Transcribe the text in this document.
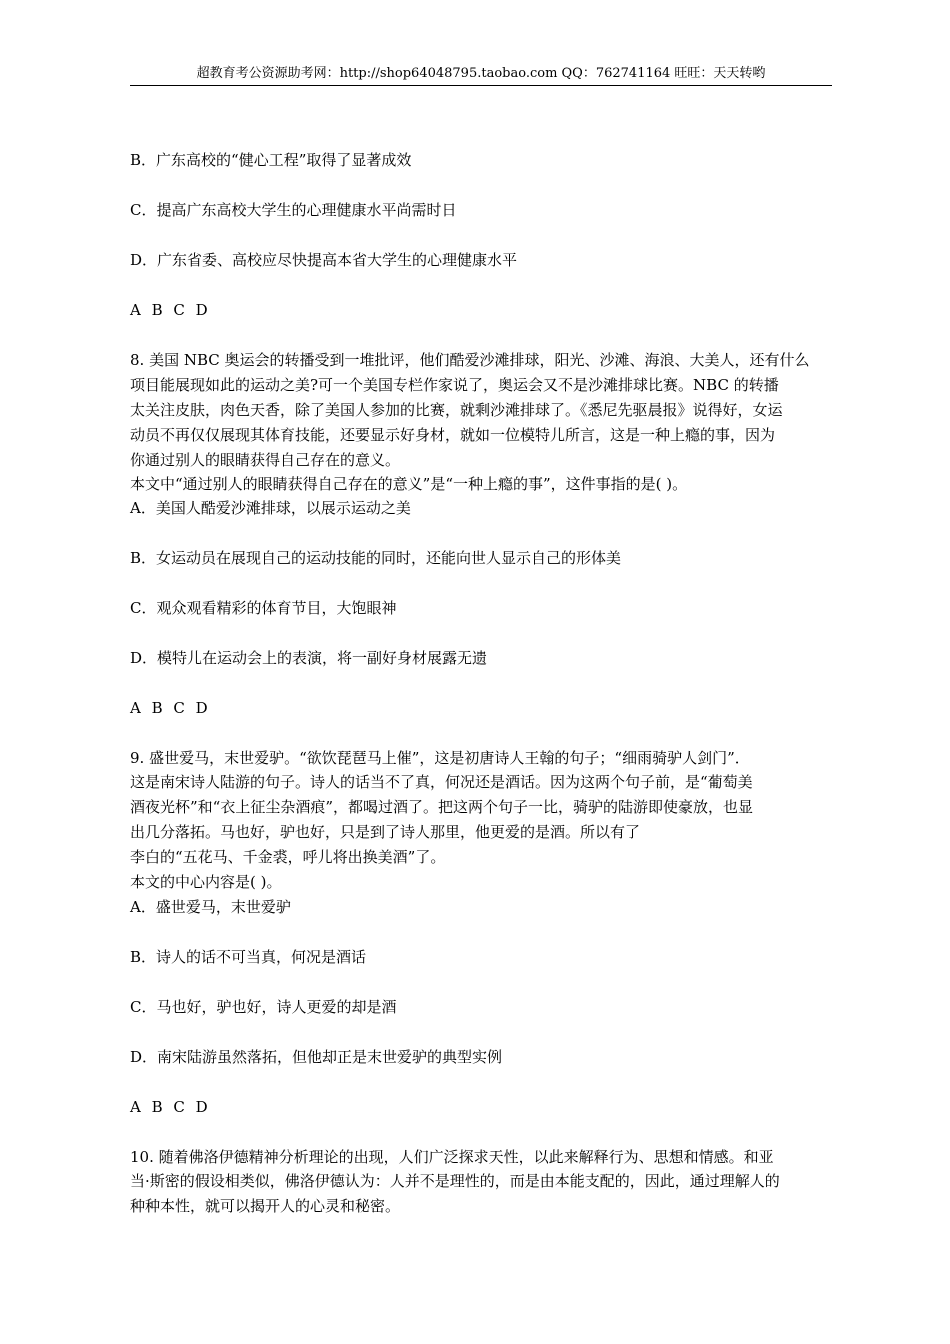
超教育考公资源助考网：http://shop64048795.taobao.com QQ：762741164 旺旺：天天转哟
B．广东高校的“健心工程”取得了显著成效
C．提高广东高校大学生的心理健康水平尚需时日
D．广东省委、高校应尽快提高本省大学生的心理健康水平
A B C D
8. 美国 NBC 奥运会的转播受到一堆批评，他们酷爱沙滩排球，阳光、沙滩、海浪、大美人，还有什么
项目能展现如此的运动之美?可一个美国专栏作家说了，奥运会又不是沙滩排球比赛。NBC 的转播
太关注皮肤，肉色天香，除了美国人参加的比赛，就剩沙滩排球了。《悉尼先驱晨报》说得好，女运
动员不再仅仅展现其体育技能，还要显示好身材，就如一位模特儿所言，这是一种上瘾的事，因为
你通过别人的眼睛获得自己存在的意义。
本文中“通过别人的眼睛获得自己存在的意义”是“一种上瘾的事”，这件事指的是( )。
A．美国人酷爱沙滩排球，以展示运动之美
B．女运动员在展现自己的运动技能的同时，还能向世人显示自己的形体美
C．观众观看精彩的体育节目，大饱眼神
D．模特儿在运动会上的表演，将一副好身材展露无遗
A B C D
9. 盛世爱马，末世爱驴。“欲饮琵琶马上催”，这是初唐诗人王翰的句子；“细雨骑驴人剑门”．
这是南宋诗人陆游的句子。诗人的话当不了真，何况还是酒话。因为这两个句子前，是“葡萄美
酒夜光杯”和“衣上征尘杂酒痕”，都喝过酒了。把这两个句子一比，骑驴的陆游即使豪放，也显
出几分落拓。马也好，驴也好，只是到了诗人那里，他更爱的是酒。所以有了
李白的“五花马、千金裘，呼儿将出换美酒”了。
本文的中心内容是( )。
A．盛世爱马，末世爱驴
B．诗人的话不可当真，何况是酒话
C．马也好，驴也好，诗人更爱的却是酒
D．南宋陆游虽然落拓，但他却正是末世爱驴的典型实例
A B C D
10. 随着佛洛伊德精神分析理论的出现，人们广泛探求天性，以此来解释行为、思想和情感。和亚
当·斯密的假设相类似，佛洛伊德认为：人并不是理性的，而是由本能支配的，因此，通过理解人的
种种本性，就可以揭开人的心灵和秘密。
